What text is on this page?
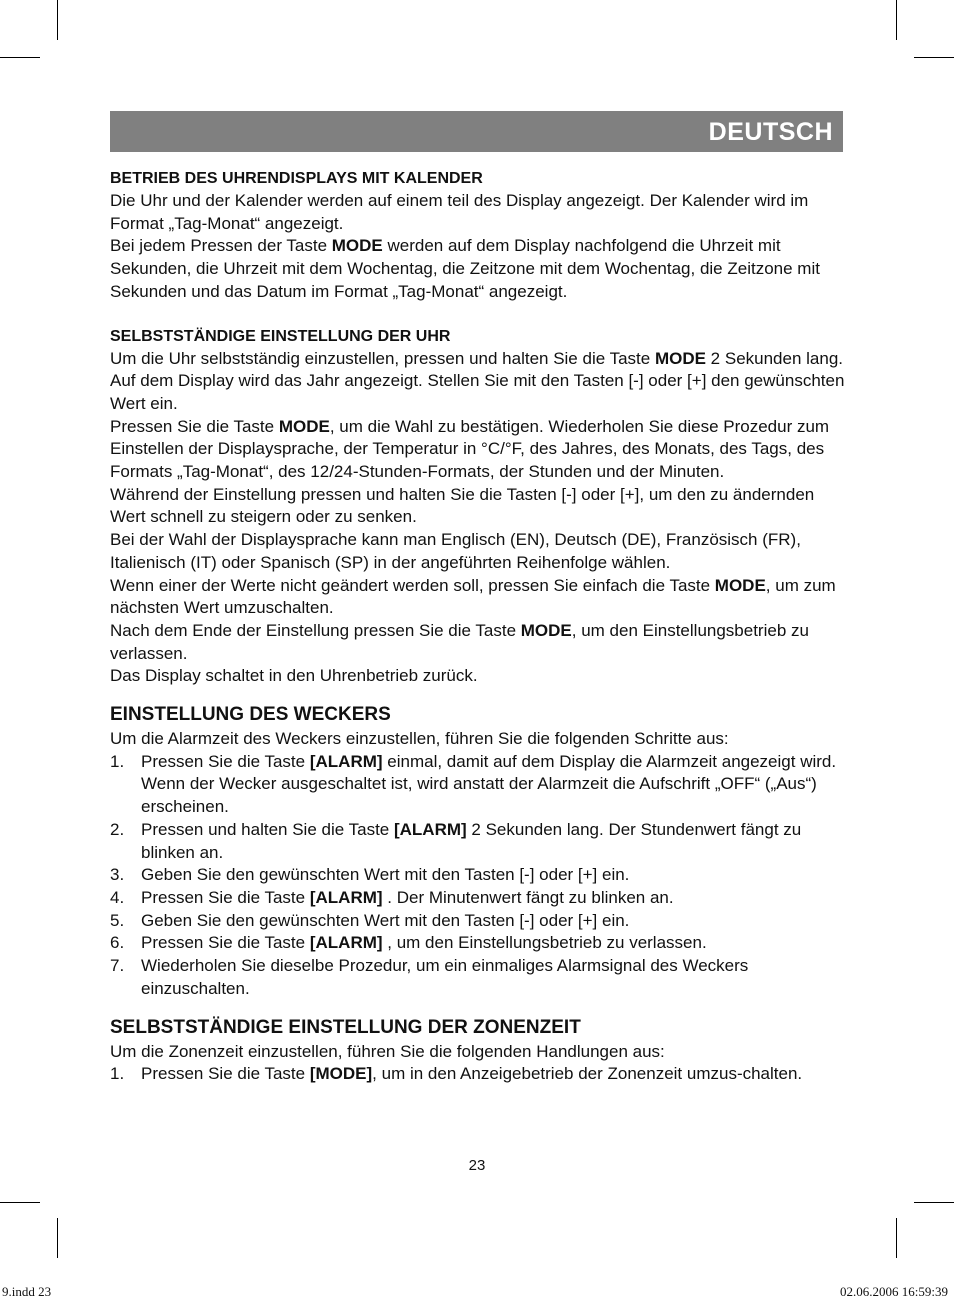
DEUTSCH
BETRIEB DES UHRENDISPLAYS MIT KALENDER

Die Uhr und der Kalender werden auf einem teil des Display angezeigt. Der Kalender wird im Format „Tag-Monat“ angezeigt.

Bei jedem Pressen der Taste MODE werden auf dem Display nachfolgend die Uhrzeit mit Sekunden, die Uhrzeit mit dem Wochentag, die Zeitzone mit dem Wochentag, die Zeitzone mit Sekunden und das Datum im Format „Tag-Monat“ angezeigt.

SELBSTSTÄNDIGE EINSTELLUNG DER UHR

Um die Uhr selbstständig einzustellen, pressen und halten Sie die Taste MODE 2 Sekunden lang. Auf dem Display wird das Jahr angezeigt. Stellen Sie mit den Tasten [-] oder [+] den gewünschten Wert ein.

Pressen Sie die Taste MODE, um die Wahl zu bestätigen. Wiederholen Sie diese Prozedur zum Einstellen der Displaysprache, der Temperatur in °C/°F, des Jahres, des Monats, des Tags, des Formats „Tag-Monat“, des 12/24-Stunden-Formats, der Stunden und der Minuten.

Während der Einstellung pressen und halten Sie die Tasten [-] oder [+], um den zu ändernden Wert schnell zu steigern oder zu senken.

Bei der Wahl der Displaysprache kann man Englisch (EN), Deutsch (DE), Französisch (FR), Italienisch (IT) oder Spanisch (SP) in der angeführten Reihenfolge wählen.

Wenn einer der Werte nicht geändert werden soll, pressen Sie einfach die Taste MODE, um zum nächsten Wert umzuschalten.

Nach dem Ende der Einstellung pressen Sie die Taste MODE, um den Einstellungsbetrieb zu verlassen.

Das Display schaltet in den Uhrenbetrieb zurück.

EINSTELLUNG DES WECKERS

Um die Alarmzeit des Weckers einzustellen, führen Sie die folgenden Schritte aus:

1. Pressen Sie die Taste [ALARM] einmal, damit auf dem Display die Alarmzeit angezeigt wird. Wenn der Wecker ausgeschaltet ist, wird anstatt der Alarmzeit die Aufschrift „OFF“ („Aus“) erscheinen.
2. Pressen und halten Sie die Taste [ALARM] 2 Sekunden lang. Der Stundenwert fängt zu blinken an.
3. Geben Sie den gewünschten Wert mit den Tasten [-] oder [+] ein.
4. Pressen Sie die Taste [ALARM] . Der Minutenwert fängt zu blinken an.
5. Geben Sie den gewünschten Wert mit den Tasten [-] oder [+] ein.
6. Pressen Sie die Taste [ALARM] , um den Einstellungsbetrieb zu verlassen.
7. Wiederholen Sie dieselbe Prozedur, um ein einmaliges Alarmsignal des Weckers einzuschalten.
SELBSTSTÄNDIGE EINSTELLUNG DER ZONENZEIT

Um die Zonenzeit einzustellen, führen Sie die folgenden Handlungen aus:

1. Pressen Sie die Taste [MODE], um in den Anzeigebetrieb der Zonenzeit umzus-chalten.
23
9.indd 23	02.06.2006 16:59:39
